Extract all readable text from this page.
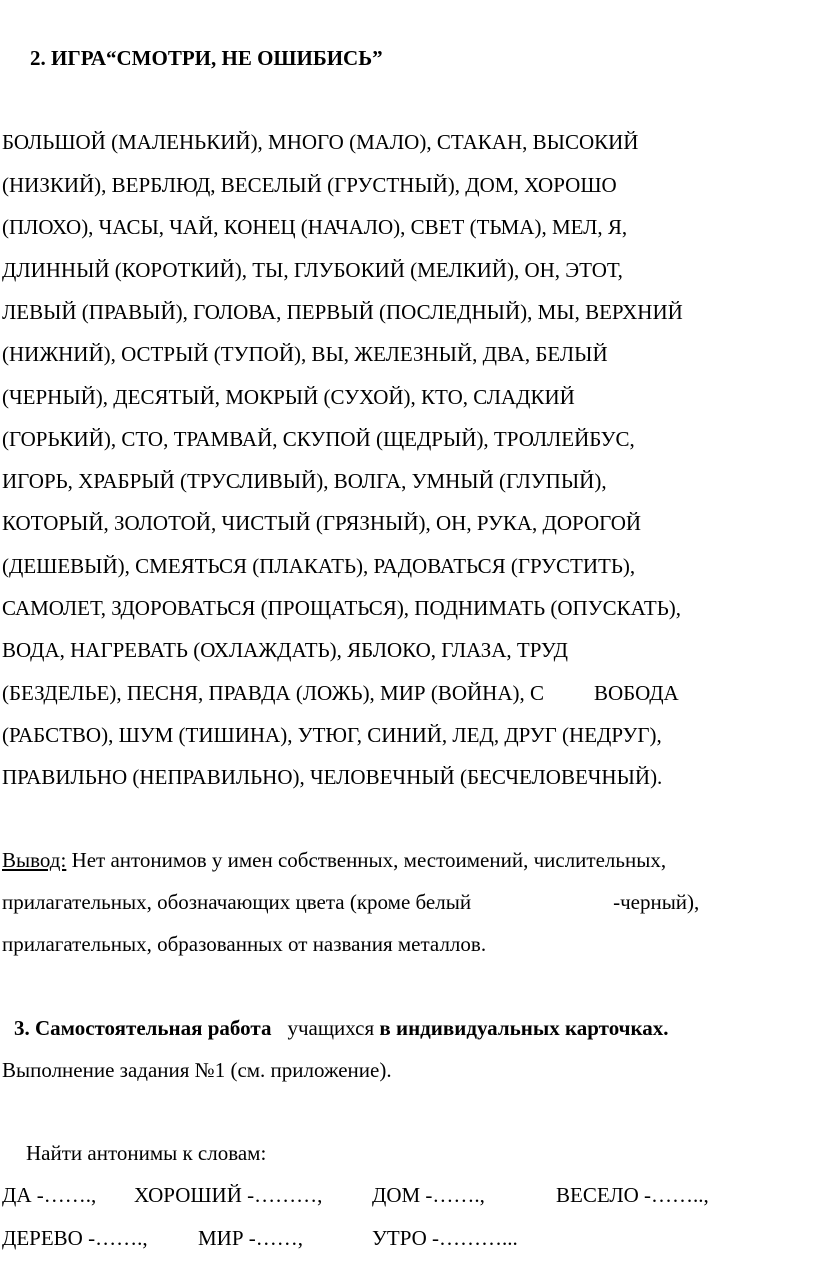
2. ИГРА“СМОТРИ, НЕ ОШИБИСЬ”
БОЛЬШОЙ (МАЛЕНЬКИЙ), МНОГО (МАЛО), СТАКАН, ВЫСОКИЙ
(НИЗКИЙ), ВЕРБЛЮД, ВЕСЕЛЫЙ (ГРУСТНЫЙ), ДОМ, ХОРОШО
(ПЛОХО), ЧАСЫ, ЧАЙ, КОНЕЦ (НАЧАЛО), СВЕТ (ТЬМА), МЕЛ, Я,
ДЛИННЫЙ (КОРОТКИЙ), ТЫ, ГЛУБОКИЙ (МЕЛКИЙ), ОН, ЭТОТ,
ЛЕВЫЙ (ПРАВЫЙ), ГОЛОВА, ПЕРВЫЙ (ПОСЛЕДНЫЙ), МЫ, ВЕРХНИЙ
(НИЖНИЙ), ОСТРЫЙ (ТУПОЙ), ВЫ, ЖЕЛЕЗНЫЙ, ДВА, БЕЛЫЙ
(ЧЕРНЫЙ), ДЕСЯТЫЙ, МОКРЫЙ (СУХОЙ), КТО, СЛАДКИЙ
(ГОРЬКИЙ), СТО, ТРАМВАЙ, СКУПОЙ (ЩЕДРЫЙ), ТРОЛЛЕЙБУС,
ИГОРЬ, ХРАБРЫЙ (ТРУСЛИВЫЙ), ВОЛГА, УМНЫЙ (ГЛУПЫЙ),
КОТОРЫЙ, ЗОЛОТОЙ, ЧИСТЫЙ (ГРЯЗНЫЙ), ОН, РУКА, ДОРОГОЙ
(ДЕШЕВЫЙ), СМЕЯТЬСЯ (ПЛАКАТЬ), РАДОВАТЬСЯ (ГРУСТИТЬ),
САМОЛЕТ, ЗДОРОВАТЬСЯ (ПРОЩАТЬСЯ), ПОДНИМАТЬ (ОПУСКАТЬ),
ВОДА, НАГРЕВАТЬ (ОХЛАЖДАТЬ), ЯБЛОКО, ГЛАЗА, ТРУД
(БЕЗДЕЛЬЕ), ПЕСНЯ, ПРАВДА (ЛОЖЬ), МИР (ВОЙНА), С ВОБОДА
(РАБСТВО), ШУМ (ТИШИНА), УТЮГ, СИНИЙ, ЛЕД, ДРУГ (НЕДРУГ),
ПРАВИЛЬНО (НЕПРАВИЛЬНО), ЧЕЛОВЕЧНЫЙ (БЕСЧЕЛОВЕЧНЫЙ).
Вывод: Нет антонимов у имен собственных, местоимений, числительных,
прилагательных, обозначающих цвета (кроме белый	-черный),
прилагательных, образованных от названия металлов.
3. Самостоятельная работа учащихся в индивидуальных карточках.
Выполнение задания №1 (см. приложение).
Найти антонимы к словам:
ДА -……., ХОРОШИЙ -………, ДОМ -…….,	ВЕСЕЛО -……..,
ДЕРЕВО -……., МИР -……,	УТРО -………...
